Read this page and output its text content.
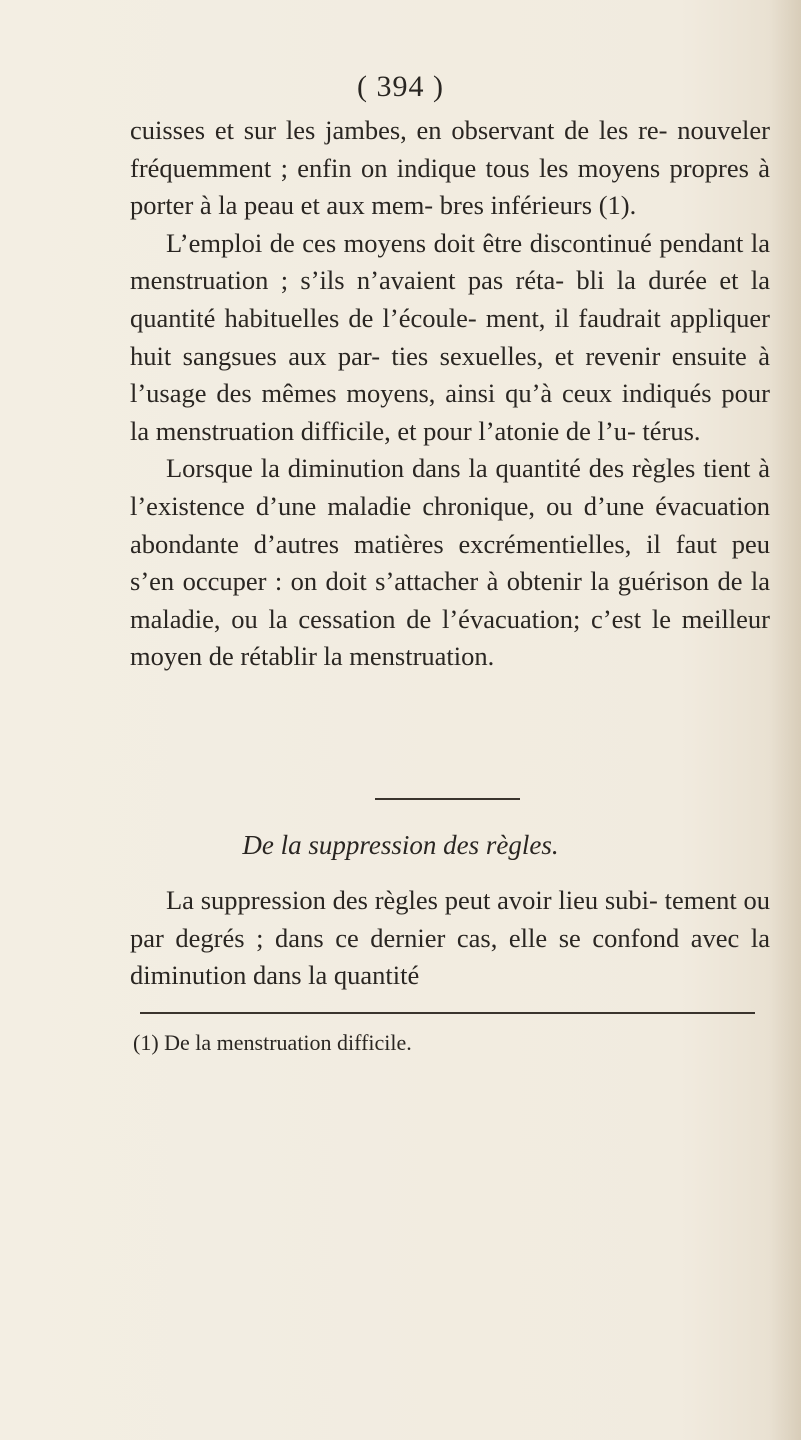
( 394 )

cuisses et sur les jambes, en observant de les re- nouveler fréquemment ; enfin on indique tous les moyens propres à porter à la peau et aux mem- bres inférieurs (1).

L’emploi de ces moyens doit être discontinué pendant la menstruation ; s’ils n’avaient pas réta- bli la durée et la quantité habituelles de l’écoule- ment, il faudrait appliquer huit sangsues aux par- ties sexuelles, et revenir ensuite à l’usage des mêmes moyens, ainsi qu’à ceux indiqués pour la menstruation difficile, et pour l’atonie de l’u- térus.

Lorsque la diminution dans la quantité des règles tient à l’existence d’une maladie chronique, ou d’une évacuation abondante d’autres matières excrémentielles, il faut peu s’en occuper : on doit s’attacher à obtenir la guérison de la maladie, ou la cessation de l’évacuation; c’est le meilleur moyen de rétablir la menstruation.

De la suppression des règles.

La suppression des règles peut avoir lieu subi- tement ou par degrés ; dans ce dernier cas, elle se confond avec la diminution dans la quantité

(1) De la menstruation difficile.
